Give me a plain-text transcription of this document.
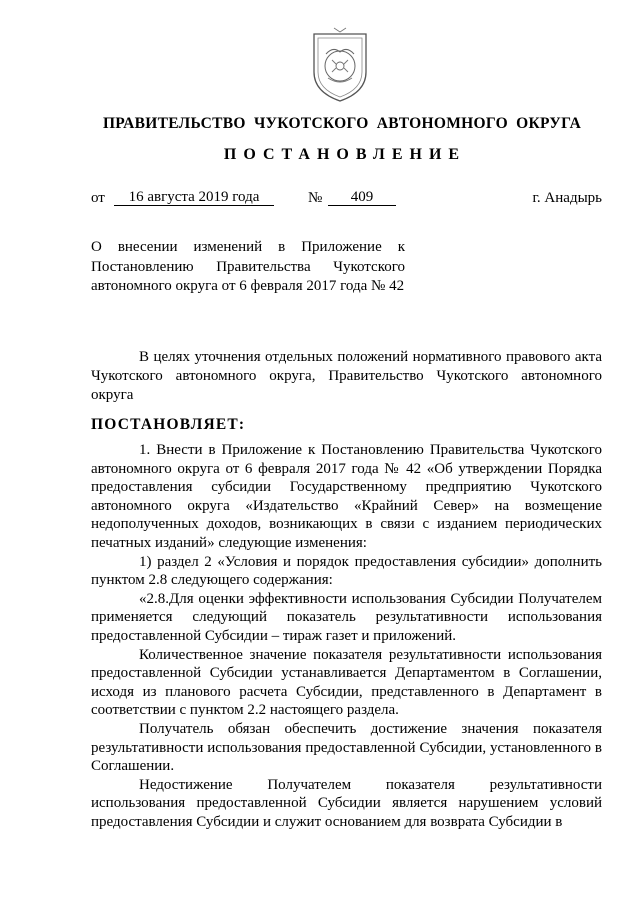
ПРАВИТЕЛЬСТВО ЧУКОТСКОГО АВТОНОМНОГО ОКРУГА
ПОСТАНОВЛЕНИЕ
от	16 августа 2019 года	№	409	г. Анадырь
О внесении изменений в Приложение к Постановлению Правительства Чукотского автономного округа от 6 февраля 2017 года № 42
В целях уточнения отдельных положений нормативного правового акта Чукотского автономного округа, Правительство Чукотского автономного округа
ПОСТАНОВЛЯЕТ:

1. Внести в Приложение к Постановлению Правительства Чукотского автономного округа от 6 февраля 2017 года № 42 «Об утверждении Порядка предоставления субсидии Государственному предприятию Чукотского автономного округа «Издательство «Крайний Север» на возмещение недополученных доходов, возникающих в связи с изданием периодических печатных изданий» следующие изменения:

1) раздел 2 «Условия и порядок предоставления субсидии» дополнить пунктом 2.8 следующего содержания:

«2.8.Для оценки эффективности использования Субсидии Получателем применяется следующий показатель результативности использования предоставленной Субсидии – тираж газет и приложений.

Количественное значение показателя результативности использования предоставленной Субсидии устанавливается Департаментом в Соглашении, исходя из планового расчета Субсидии, представленного в Департамент в соответствии с пунктом 2.2 настоящего раздела.

Получатель обязан обеспечить достижение значения показателя результативности использования предоставленной Субсидии, установленного в Соглашении.

Недостижение Получателем показателя результативности использования предоставленной Субсидии является нарушением условий предоставления Субсидии и служит основанием для возврата Субсидии в
